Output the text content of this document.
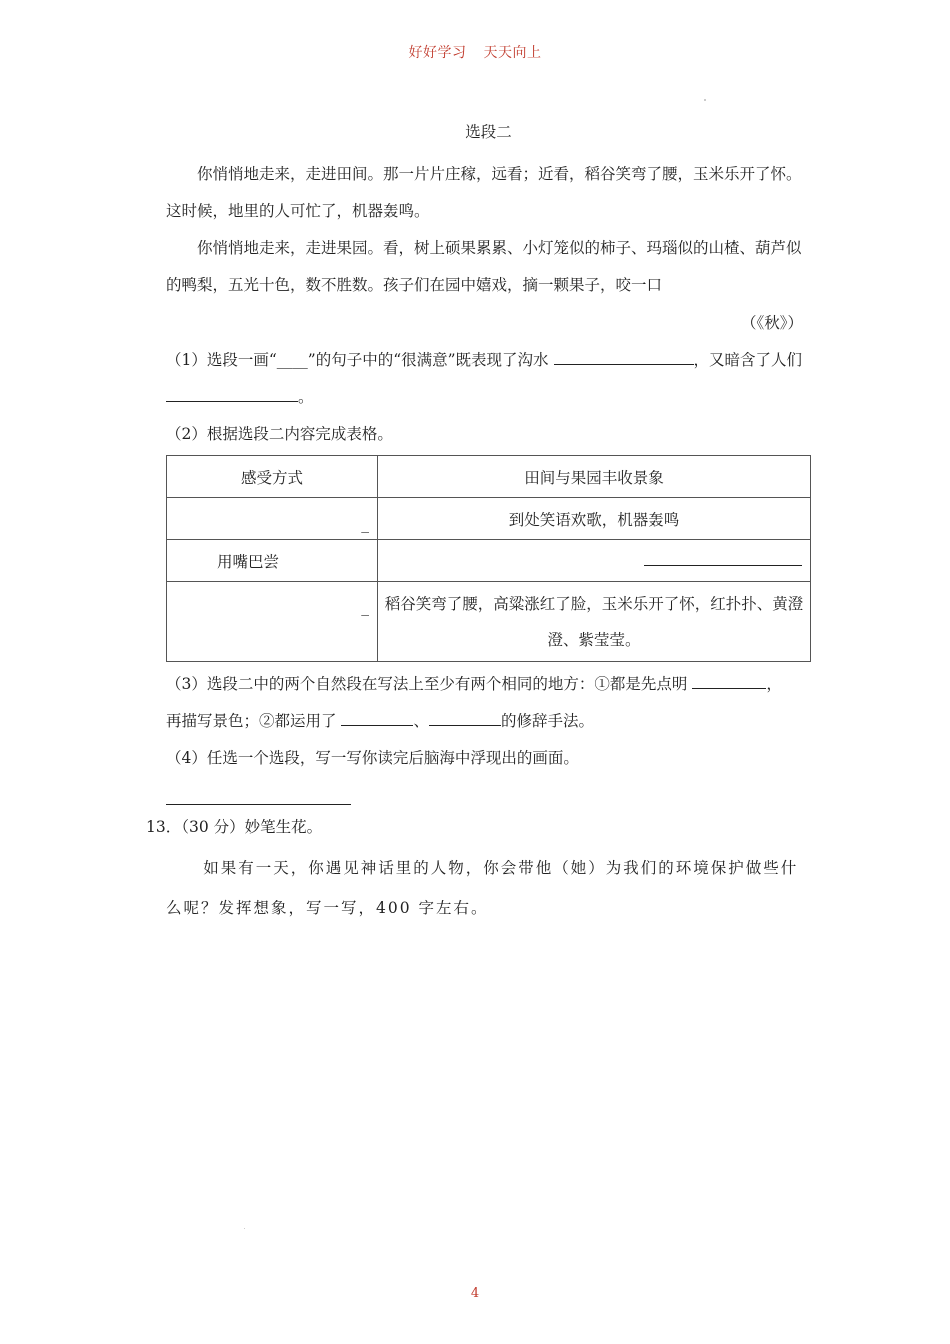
好好学习 天天向上
选段二

你悄悄地走来，走进田间。那一片片庄稼，远看；近看，稻谷笑弯了腰，玉米乐开了怀。这时候，地里的人可忙了，机器轰鸣。

你悄悄地走来，走进果园。看，树上硕果累累、小灯笼似的柿子、玛瑙似的山楂、葫芦似的鸭梨，五光十色，数不胜数。孩子们在园中嬉戏，摘一颗果子，咬一口

（《秋》）

（1）选段一画“____”的句子中的“很满意”既表现了沟水	，又暗含了人们 。

（2）根据选段二内容完成表格。

感受方式	田间与果园丰收景象
_	到处笑语欢歌，机器轰鸣
用嘴巴尝	
_	稻谷笑弯了腰，高粱涨红了脸，玉米乐开了怀，红扑扑、黄澄澄、紫莹莹。

（3）选段二中的两个自然段在写法上至少有两个相同的地方：①都是先点明	，
再描写景色；②都运用了	、	的修辞手法。

（4）任选一个选段，写一写你读完后脑海中浮现出的画面。

13．（30 分）妙笔生花。
如果有一天，你遇见神话里的人物，你会带他（她）为我们的环境保护做些什么呢？发挥想象，写一写，400 字左右。
4
